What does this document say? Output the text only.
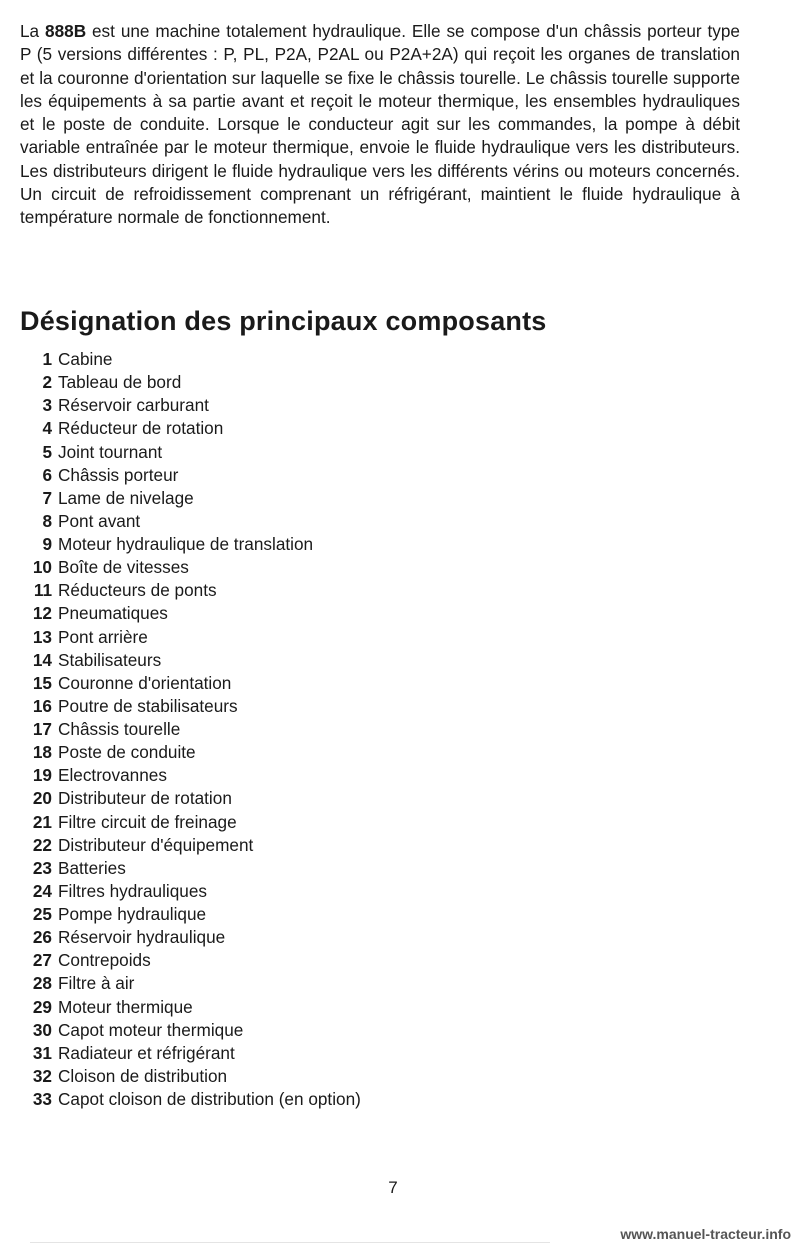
La 888B est une machine totalement hydraulique. Elle se compose d'un châssis porteur type P (5 versions différentes : P, PL, P2A, P2AL ou P2A+2A) qui reçoit les organes de translation et la couronne d'orientation sur laquelle se fixe le châssis tourelle. Le châssis tourelle supporte les équipements à sa partie avant et reçoit le moteur thermique, les ensembles hydrauliques et le poste de conduite. Lorsque le conducteur agit sur les commandes, la pompe à débit variable entraînée par le moteur thermique, envoie le fluide hydraulique vers les distributeurs. Les distributeurs dirigent le fluide hydraulique vers les différents vérins ou moteurs concernés. Un circuit de refroidissement comprenant un réfrigérant, maintient le fluide hydraulique à température normale de fonctionnement.

Désignation des principaux composants
1 Cabine
2 Tableau de bord
3 Réservoir carburant
4 Réducteur de rotation
5 Joint tournant
6 Châssis porteur
7 Lame de nivelage
8 Pont avant
9 Moteur hydraulique de translation
10 Boîte de vitesses
11 Réducteurs de ponts
12 Pneumatiques
13 Pont arrière
14 Stabilisateurs
15 Couronne d'orientation
16 Poutre de stabilisateurs
17 Châssis tourelle
18 Poste de conduite
19 Electrovannes
20 Distributeur de rotation
21 Filtre circuit de freinage
22 Distributeur d'équipement
23 Batteries
24 Filtres hydrauliques
25 Pompe hydraulique
26 Réservoir hydraulique
27 Contrepoids
28 Filtre à air
29 Moteur thermique
30 Capot moteur thermique
31 Radiateur et réfrigérant
32 Cloison de distribution
33 Capot cloison de distribution (en option)
7
www.manuel-tracteur.info
